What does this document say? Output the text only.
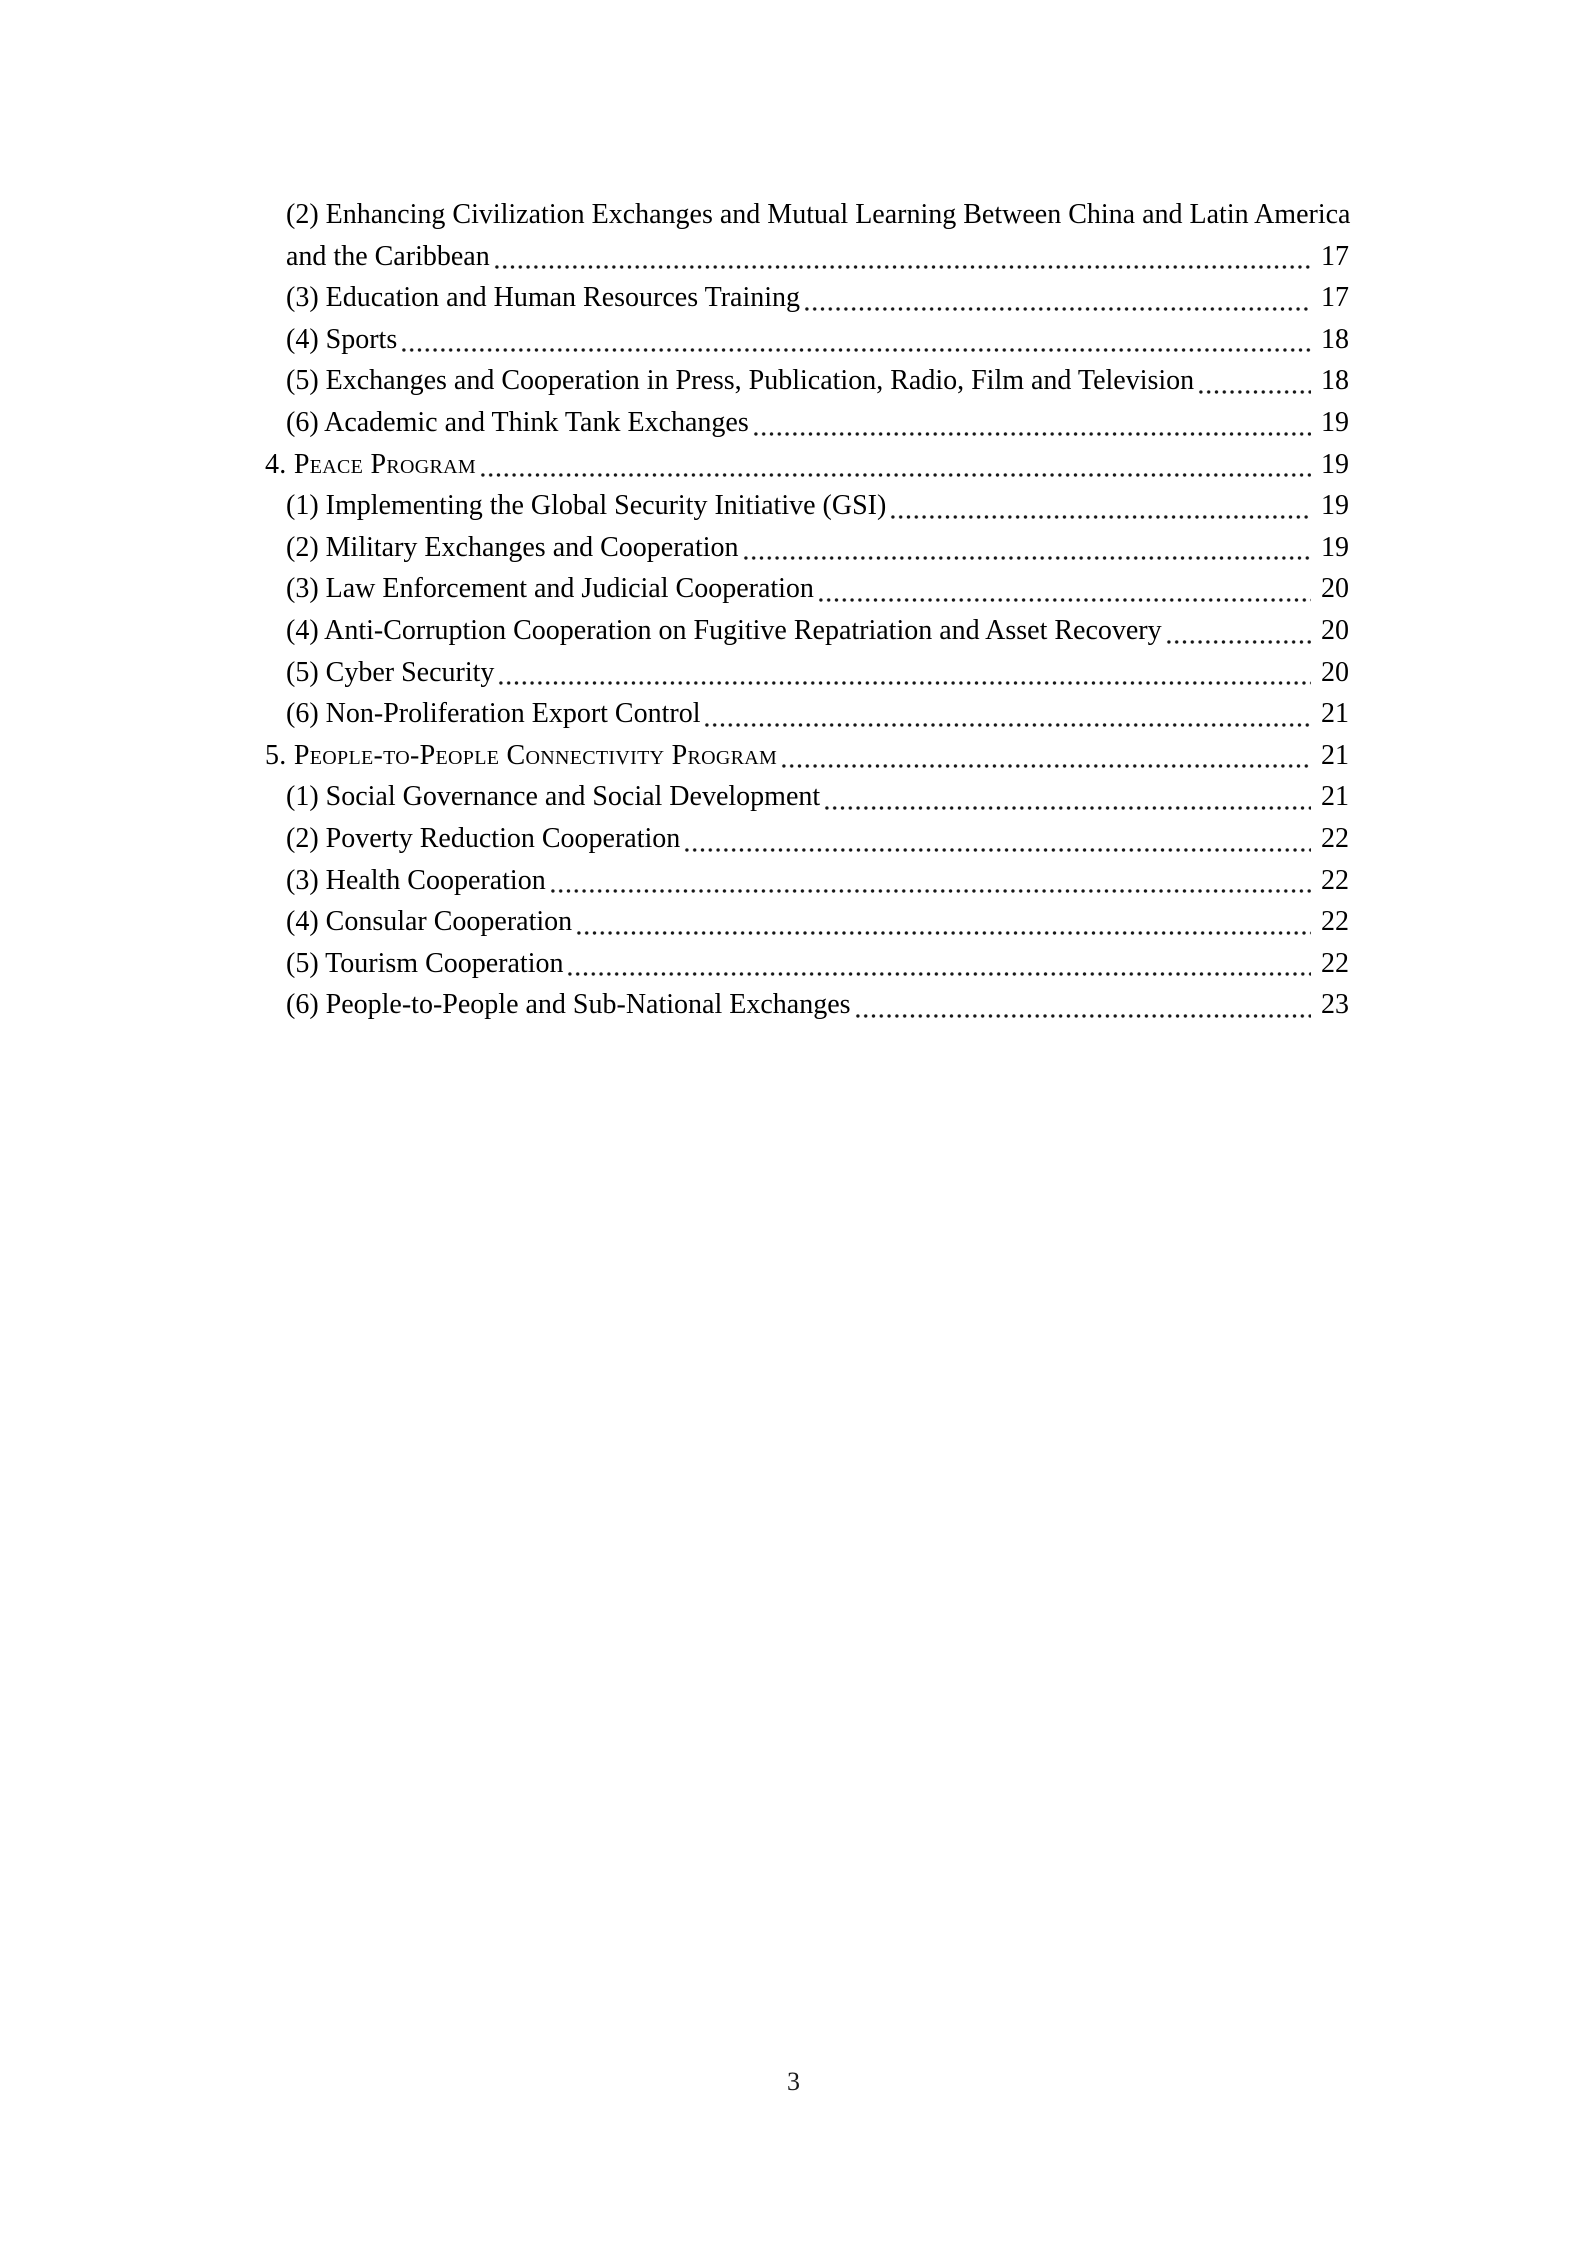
(2) Enhancing Civilization Exchanges and Mutual Learning Between China and Latin America
and the Caribbean	17
(3) Education and Human Resources Training	17
(4) Sports	18
(5) Exchanges and Cooperation in Press, Publication, Radio, Film and Television	18
(6) Academic and Think Tank Exchanges	19
4. Peace Program	19
(1) Implementing the Global Security Initiative (GSI)	19
(2) Military Exchanges and Cooperation	19
(3) Law Enforcement and Judicial Cooperation	20
(4) Anti-Corruption Cooperation on Fugitive Repatriation and Asset Recovery	20
(5) Cyber Security	20
(6) Non-Proliferation Export Control	21
5. People-to-People Connectivity Program	21
(1) Social Governance and Social Development	21
(2) Poverty Reduction Cooperation	22
(3) Health Cooperation	22
(4) Consular Cooperation	22
(5) Tourism Cooperation	22
(6) People-to-People and Sub-National Exchanges	23
3
